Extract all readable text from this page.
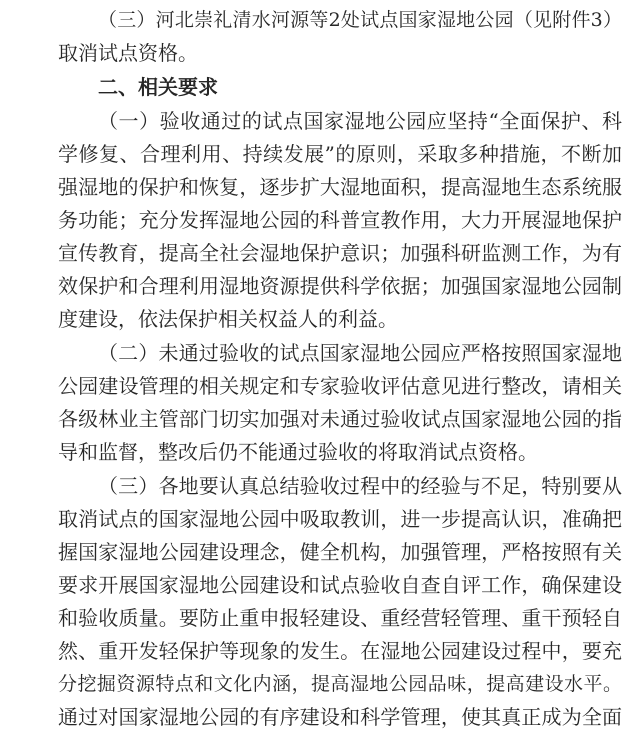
（三）河北崇礼清水河源等2处试点国家湿地公园（见附件3）
取消试点资格。
二、相关要求
（一）验收通过的试点国家湿地公园应坚持“全面保护、科
学修复、合理利用、持续发展”的原则，采取多种措施，不断加
强湿地的保护和恢复，逐步扩大湿地面积，提高湿地生态系统服
务功能；充分发挥湿地公园的科普宣教作用，大力开展湿地保护
宣传教育，提高全社会湿地保护意识；加强科研监测工作，为有
效保护和合理利用湿地资源提供科学依据；加强国家湿地公园制
度建设，依法保护相关权益人的利益。
（二）未通过验收的试点国家湿地公园应严格按照国家湿地
公园建设管理的相关规定和专家验收评估意见进行整改，请相关
各级林业主管部门切实加强对未通过验收试点国家湿地公园的指
导和监督，整改后仍不能通过验收的将取消试点资格。
（三）各地要认真总结验收过程中的经验与不足，特别要从
取消试点的国家湿地公园中吸取教训，进一步提高认识，准确把
握国家湿地公园建设理念，健全机构，加强管理，严格按照有关
要求开展国家湿地公园建设和试点验收自查自评工作，确保建设
和验收质量。要防止重申报轻建设、重经营轻管理、重干预轻自
然、重开发轻保护等现象的发生。在湿地公园建设过程中，要充
分挖掘资源特点和文化内涵，提高湿地公园品味，提高建设水平。
通过对国家湿地公园的有序建设和科学管理，使其真正成为全面
